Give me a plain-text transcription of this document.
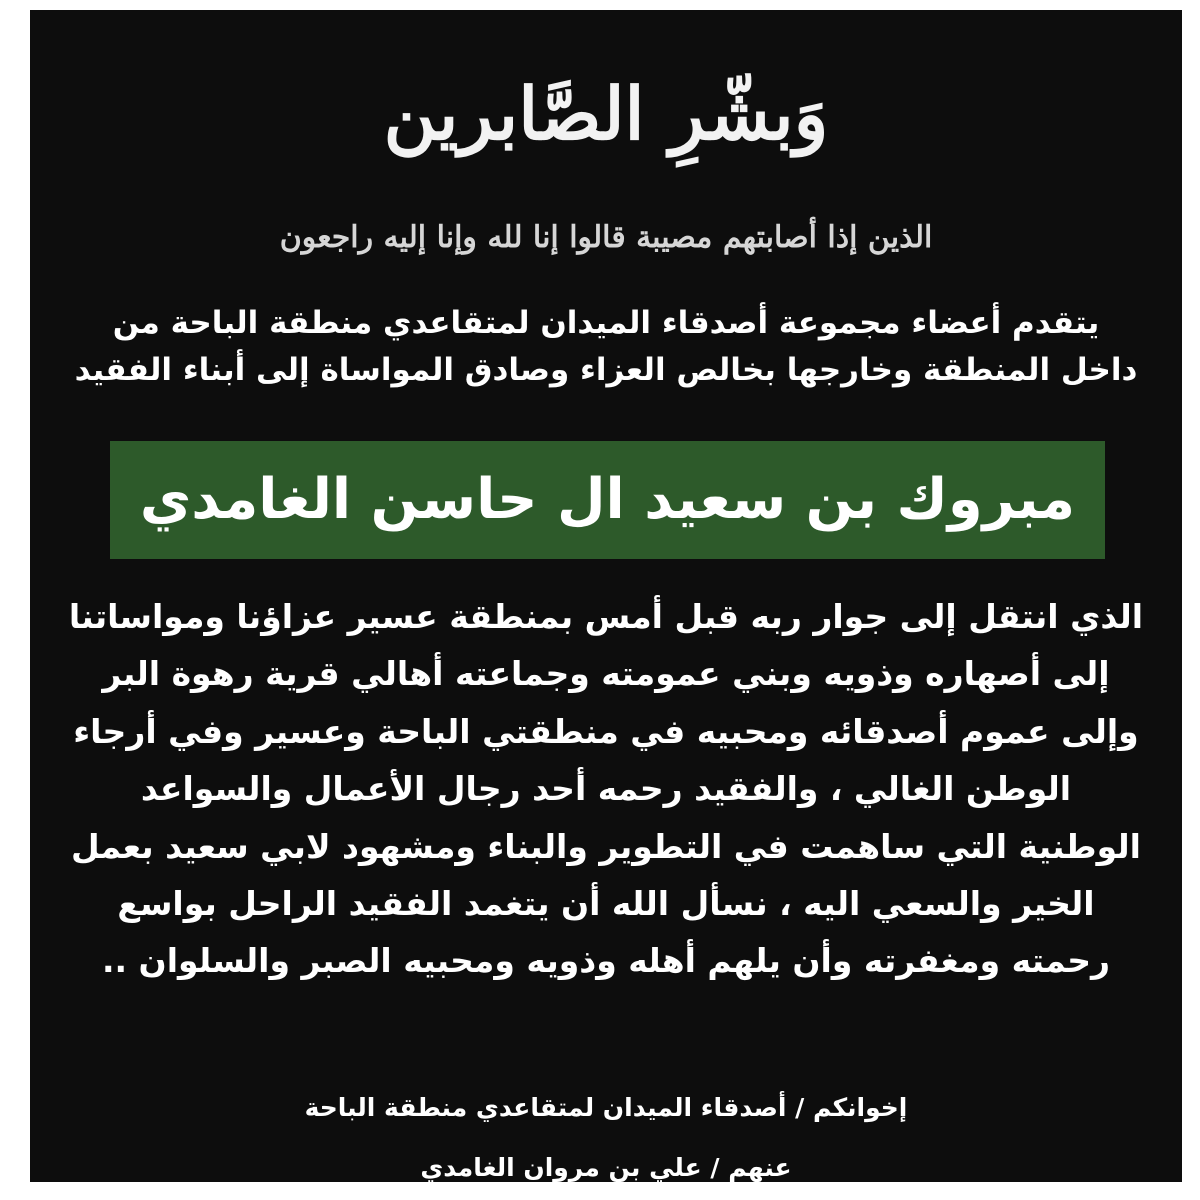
وَبشّرِ الصَّابرين
الذين إذا أصابتهم مصيبة قالوا إنا لله وإنا إليه راجعون
يتقدم أعضاء مجموعة أصدقاء الميدان لمتقاعدي منطقة الباحة من
داخل المنطقة وخارجها بخالص العزاء وصادق المواساة إلى أبناء الفقيد
مبروك بن سعيد ال حاسن الغامدي
الذي انتقل إلى جوار ربه قبل أمس بمنطقة عسير عزاؤنا ومواساتنا
إلى أصهاره وذويه وبني عمومته وجماعته أهالي قرية رهوة البر
وإلى عموم أصدقائه ومحبيه في منطقتي الباحة وعسير وفي أرجاء
الوطن الغالي ، والفقيد رحمه أحد رجال الأعمال والسواعد
الوطنية التي ساهمت في التطوير والبناء ومشهود لابي سعيد بعمل
الخير والسعي اليه ، نسأل الله أن يتغمد الفقيد الراحل بواسع
رحمته ومغفرته وأن يلهم أهله وذويه ومحبيه الصبر والسلوان ..
إخوانكم / أصدقاء الميدان لمتقاعدي منطقة الباحة
عنهم / علي بن مروان الغامدي
